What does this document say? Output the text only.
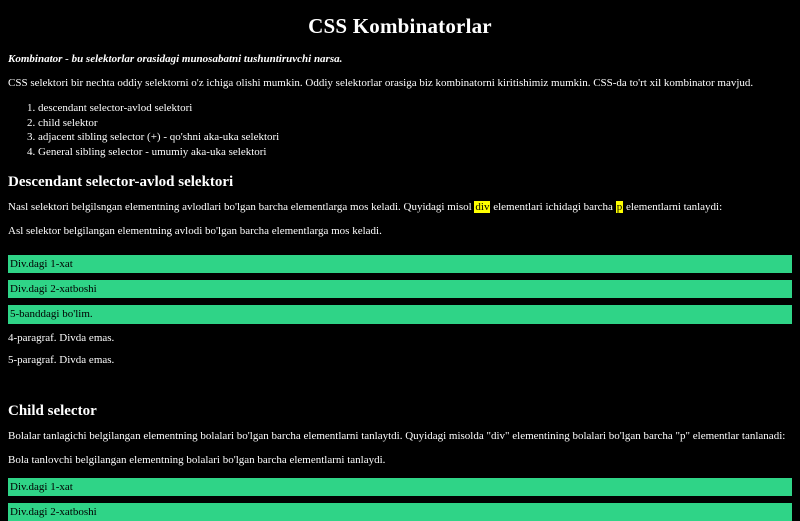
CSS Kombinatorlar

Kombinator - bu selektorlar orasidagi munosabatni tushuntiruvchi narsa.

CSS selektori bir nechta oddiy selektorni o'z ichiga olishi mumkin. Oddiy selektorlar orasiga biz kombinatorni kiritishimiz mumkin. CSS-da to'rt xil kombinator mavjud.

1. descendant selector-avlod selektori
2. child selektor
3. adjacent sibling selector (+) - qo'shni aka-uka selektori
4. General sibling selector - umumiy aka-uka selektori
Descendant selector-avlod selektori

Nasl selektori belgilsngan elementning avlodlari bo'lgan barcha elementlarga mos keladi. Quyidagi misol div elementlari ichidagi barcha p elementlarni tanlaydi:

Asl selektor belgilangan elementning avlodi bo'lgan barcha elementlarga mos keladi.

Div.dagi 1-xat
Div.dagi 2-xatboshi
5-banddagi bo'lim.
4-paragraf. Divda emas.
5-paragraf. Divda emas.
Child selector

Bolalar tanlagichi belgilangan elementning bolalari bo'lgan barcha elementlarni tanlaytdi. Quyidagi misolda "div" elementining bolalari bo'lgan barcha "p" elementlar tanlanadi:

Bola tanlovchi belgilangan elementning bolalari bo'lgan barcha elementlarni tanlaydi.

Div.dagi 1-xat
Div.dagi 2-xatboshi
